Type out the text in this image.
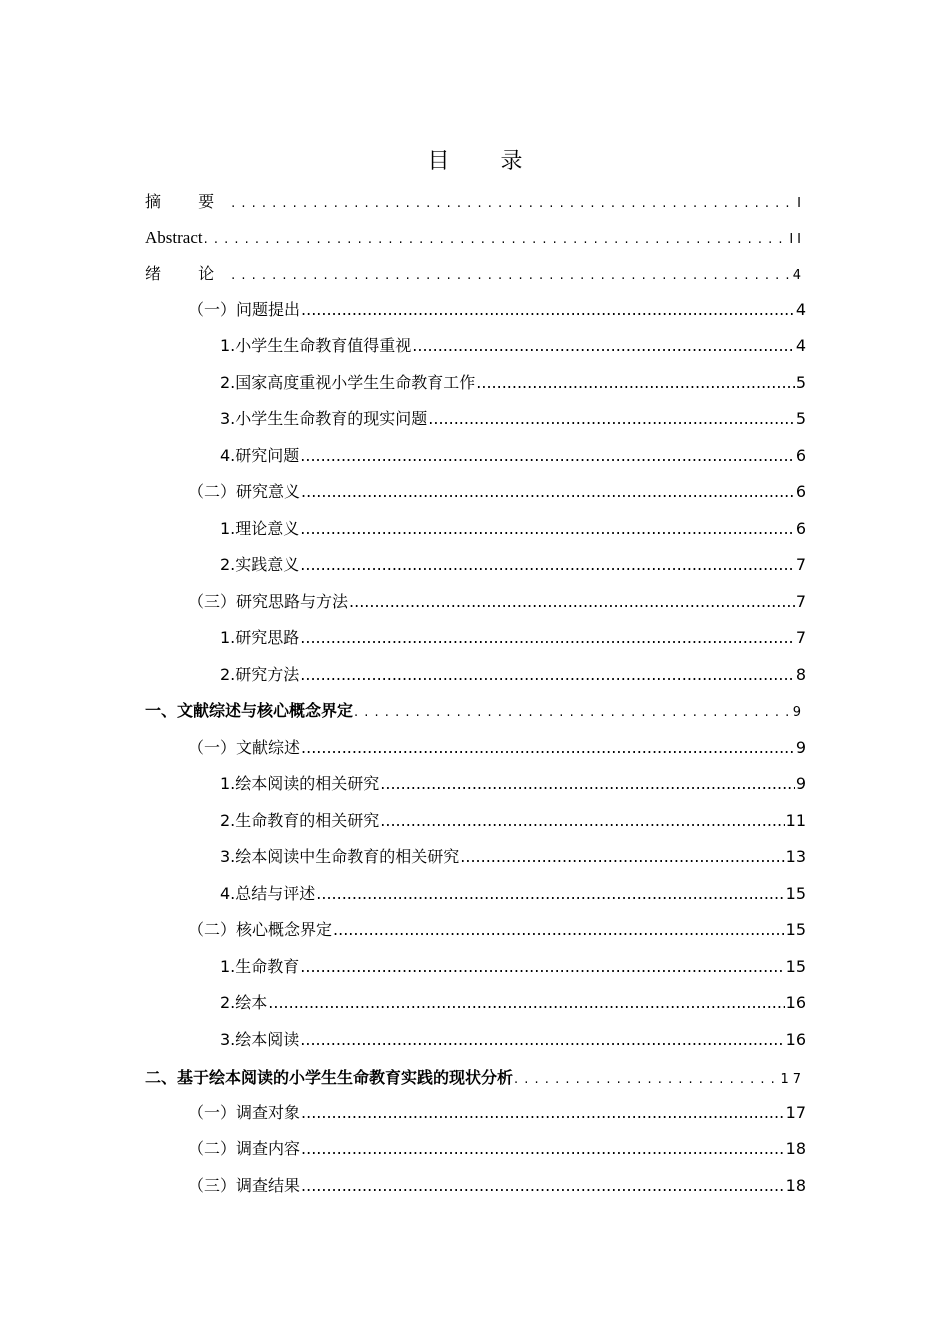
目 录
摘 要 . . .	I
Abstract . . .	II
绪 论 . . .	4
（一）问题提出 .....	4
1.小学生生命教育值得重视 .....	4
2.国家高度重视小学生生命教育工作 .....	5
3.小学生生命教育的现实问题 .....	5
4.研究问题 .....	6
（二）研究意义 .....	6
1.理论意义 .....	6
2.实践意义 .....	7
（三）研究思路与方法 .....	7
1.研究思路 .....	7
2.研究方法 .....	8
一、文献综述与核心概念界定 . . .	9
（一）文献综述 .....	9
1.绘本阅读的相关研究 .....	9
2.生命教育的相关研究 .....	11
3.绘本阅读中生命教育的相关研究 .....	13
4.总结与评述 .....	15
（二）核心概念界定 .....	15
1.生命教育 .....	15
2.绘本 .....	16
3.绘本阅读 .....	16
二、基于绘本阅读的小学生生命教育实践的现状分析 . . .	17
（一）调查对象 .....	17
（二）调查内容 .....	18
（三）调查结果 .....	18
